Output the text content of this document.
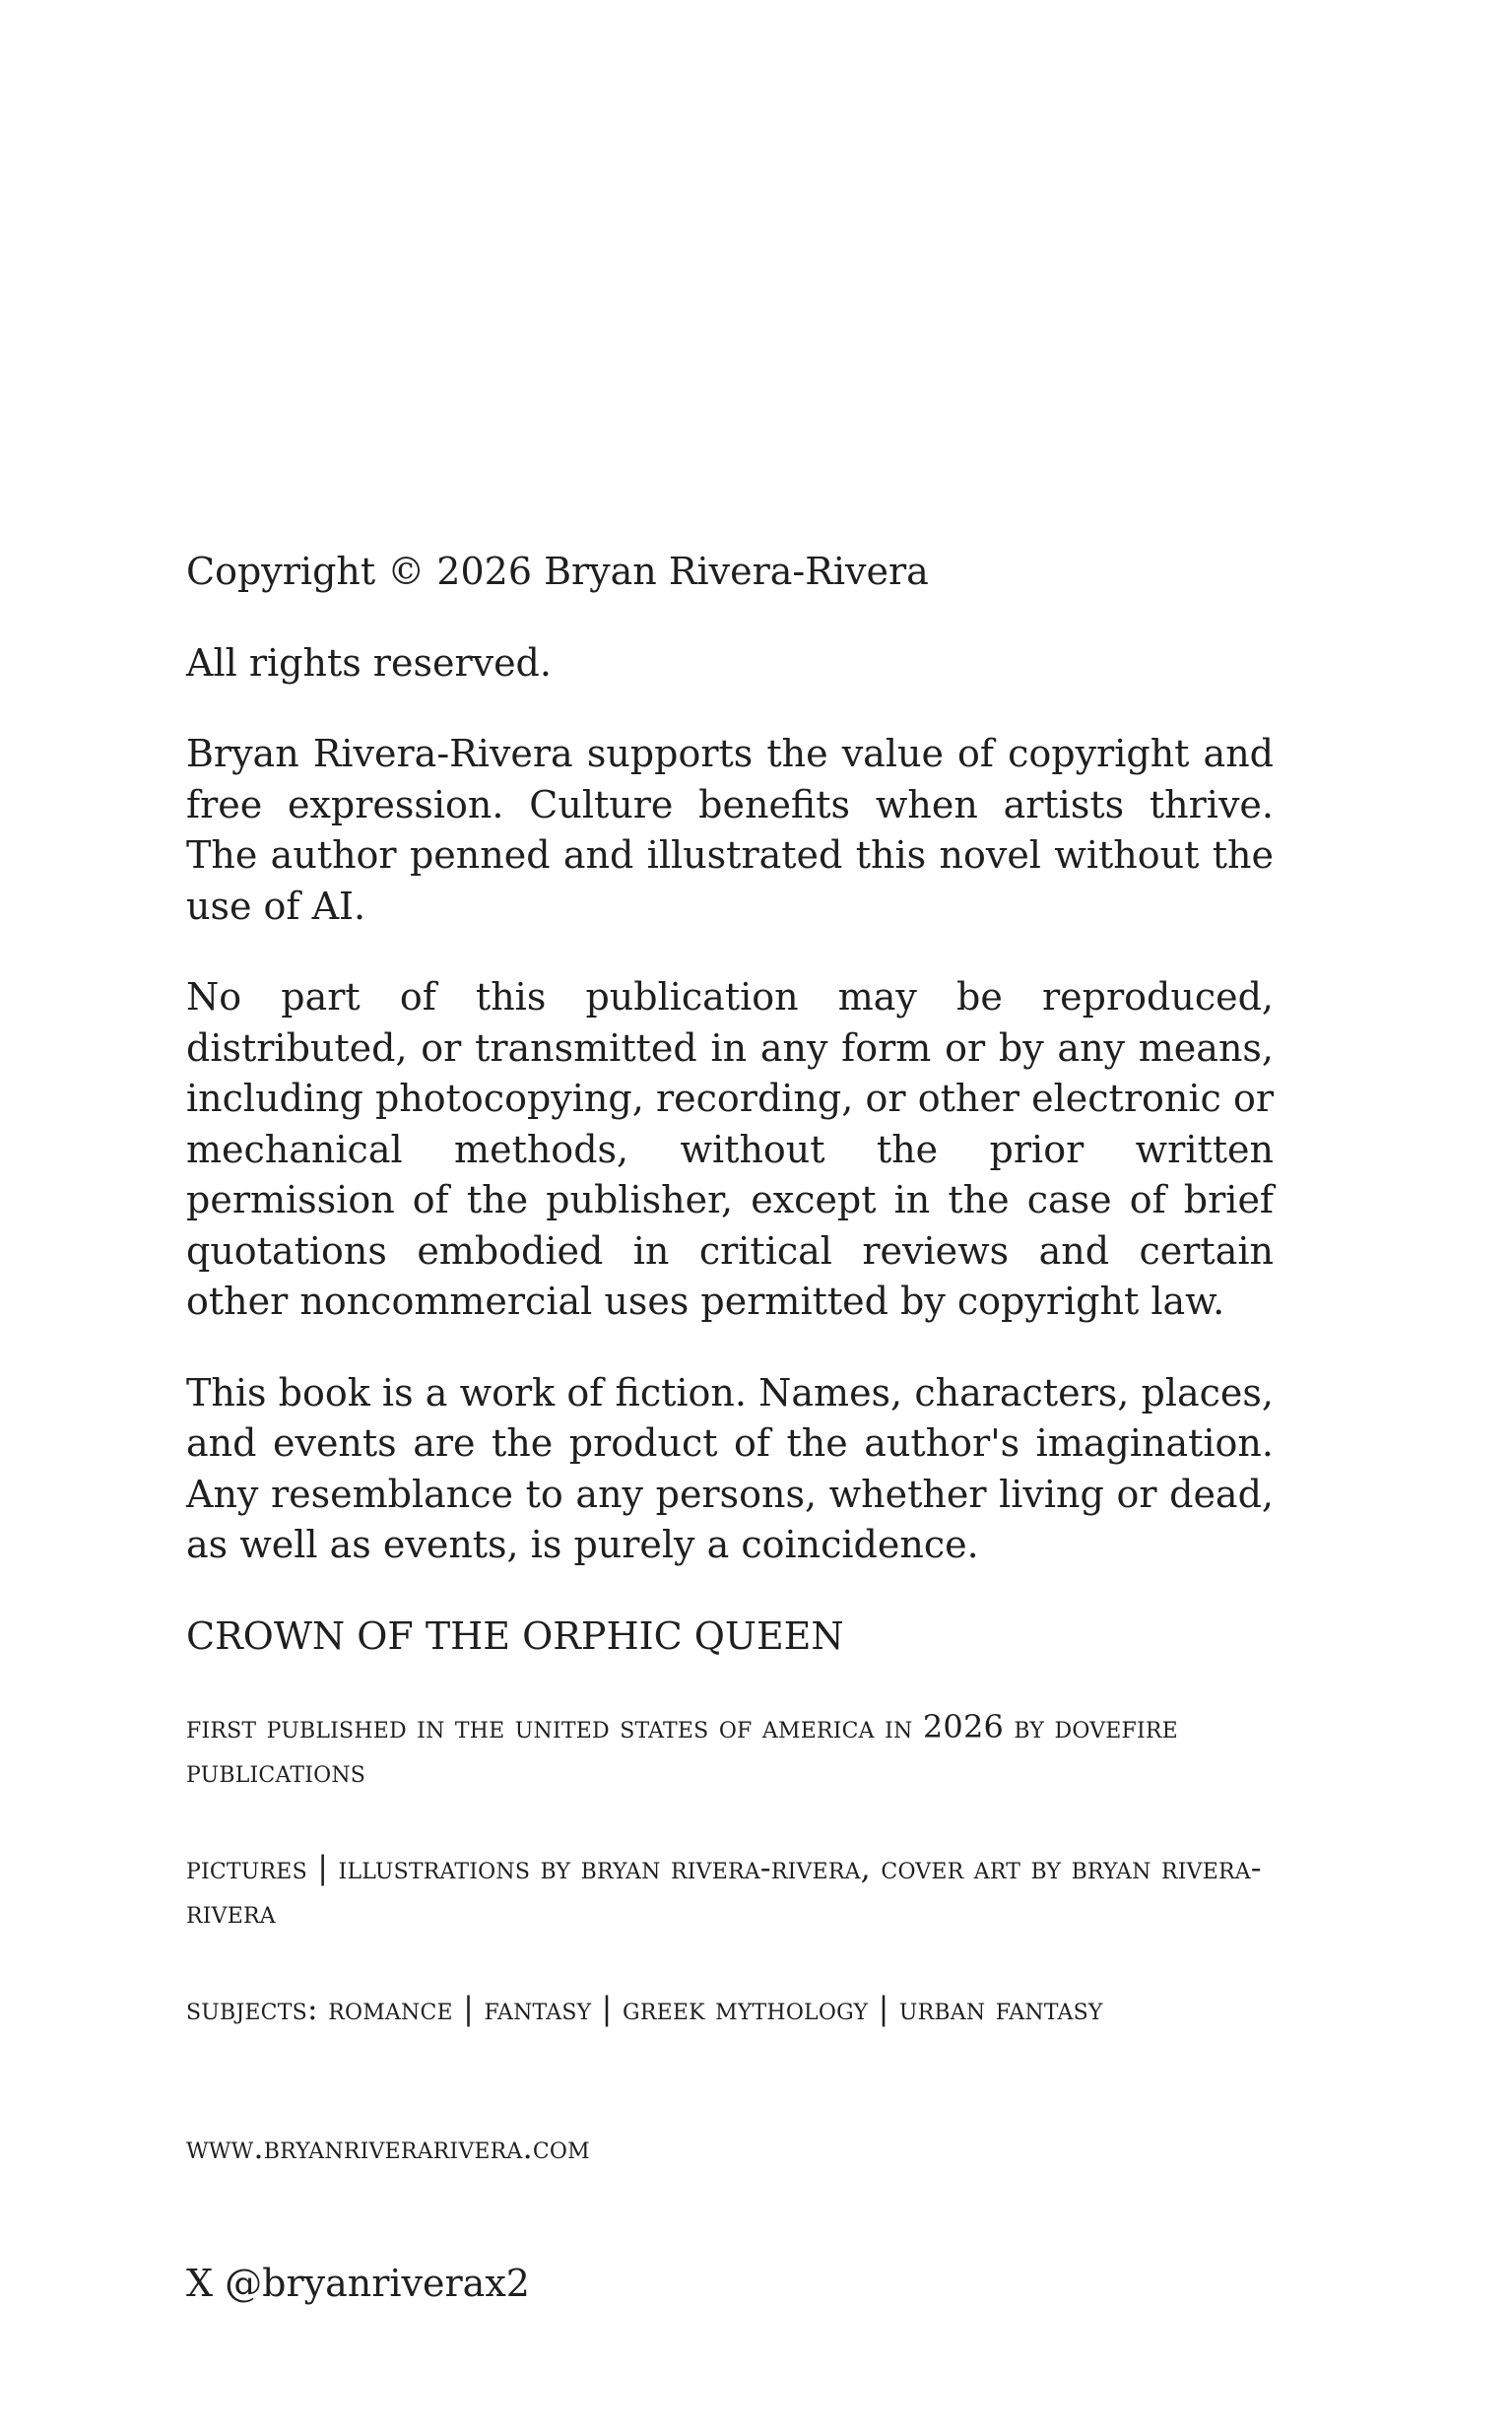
Copyright © 2026 Bryan Rivera-Rivera

All rights reserved.

Bryan Rivera-Rivera supports the value of copyright and free expression. Culture benefits when artists thrive. The author penned and illustrated this novel without the use of AI.

No part of this publication may be reproduced, distributed, or transmitted in any form or by any means, including photocopying, recording, or other electronic or mechanical methods, without the prior written permission of the publisher, except in the case of brief quotations embodied in critical reviews and certain other noncommercial uses permitted by copyright law.

This book is a work of fiction. Names, characters, places, and events are the product of the author's imagination. Any resemblance to any persons, whether living or dead, as well as events, is purely a coincidence.

CROWN OF THE ORPHIC QUEEN

first published in the united states of america in 2026 by dovefire publications

pictures | illustrations by bryan rivera-rivera, cover art by bryan rivera-rivera

subjects: romance | fantasy | greek mythology | urban fantasy

www.bryanriverarivera.com

X @bryanriverax2
